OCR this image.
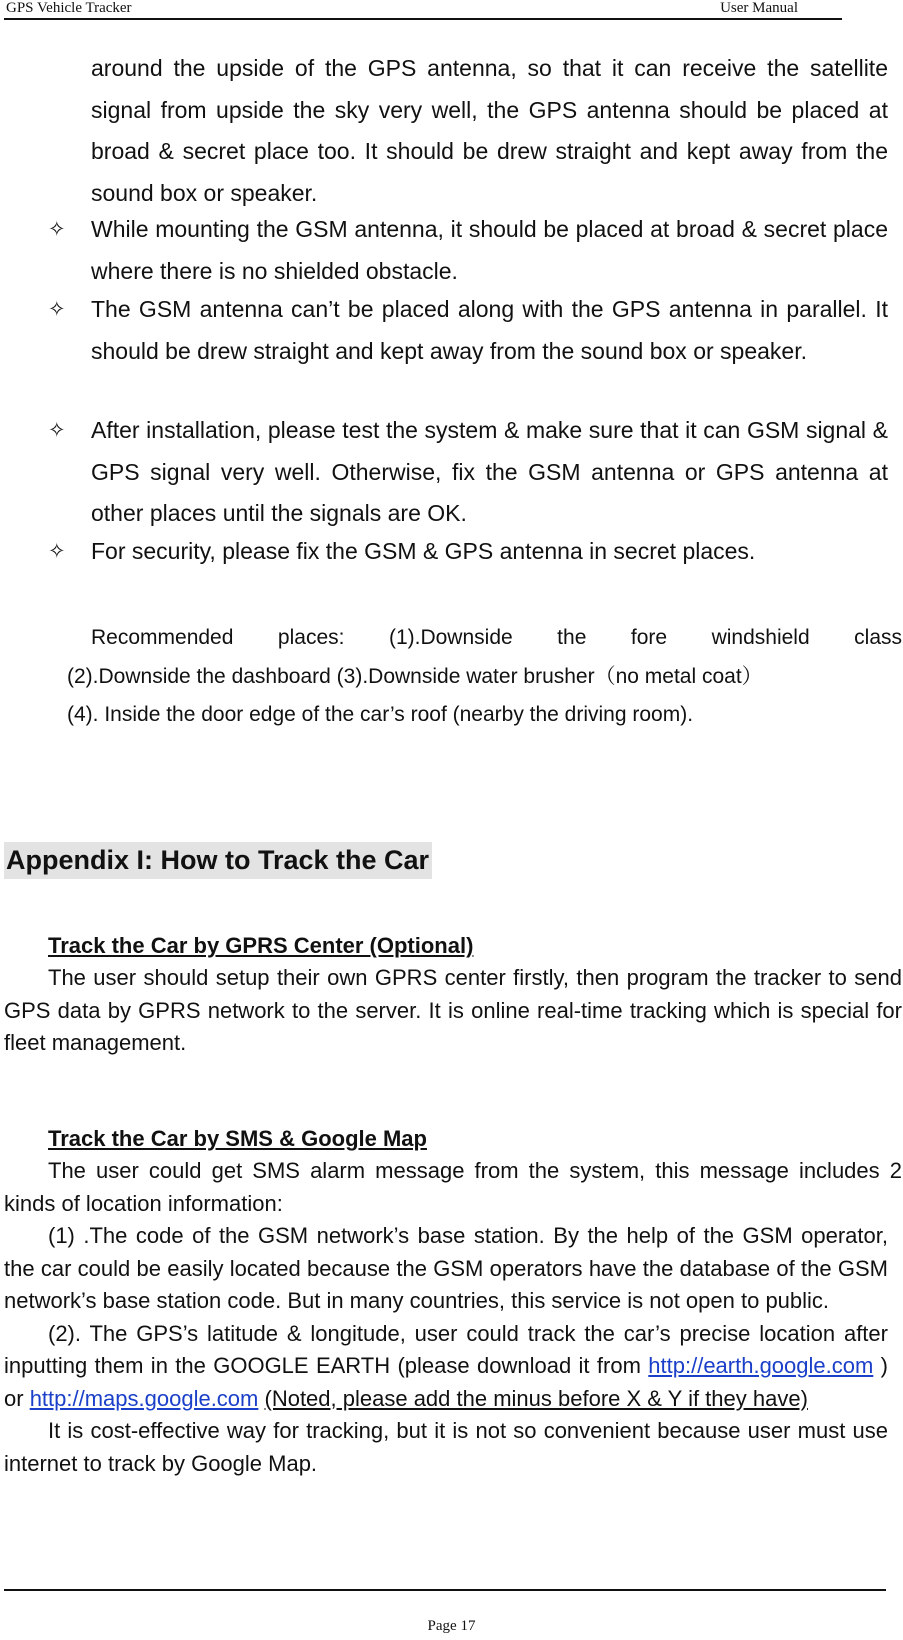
GPS Vehicle Tracker	User Manual
around the upside of the GPS antenna, so that it can receive the satellite signal from upside the sky very well, the GPS antenna should be placed at broad & secret place too. It should be drew straight and kept away from the sound box or speaker.
✧ While mounting the GSM antenna, it should be placed at broad & secret place where there is no shielded obstacle.
✧ The GSM antenna can’t be placed along with the GPS antenna in parallel. It should be drew straight and kept away from the sound box or speaker.
✧ After installation, please test the system & make sure that it can GSM signal & GPS signal very well. Otherwise, fix the GSM antenna or GPS antenna at other places until the signals are OK.
✧ For security, please fix the GSM & GPS antenna in secret places.
Recommended places: (1).Downside the fore windshield class
(2).Downside the dashboard (3).Downside water brusher（no metal coat）
(4). Inside the door edge of the car’s roof (nearby the driving room).
Appendix I: How to Track the Car
Track the Car by GPRS Center (Optional)
The user should setup their own GPRS center firstly, then program the tracker to send GPS data by GPRS network to the server. It is online real-time tracking which is special for fleet management.
Track the Car by SMS & Google Map
The user could get SMS alarm message from the system, this message includes 2 kinds of location information:
(1) .The code of the GSM network’s base station. By the help of the GSM operator, the car could be easily located because the GSM operators have the database of the GSM network’s base station code. But in many countries, this service is not open to public.
(2). The GPS’s latitude & longitude, user could track the car’s precise location after inputting them in the GOOGLE EARTH (please download it from http://earth.google.com ) or http://maps.google.com (Noted, please add the minus before X & Y if they have)
It is cost-effective way for tracking, but it is not so convenient because user must use internet to track by Google Map.
Page 17
